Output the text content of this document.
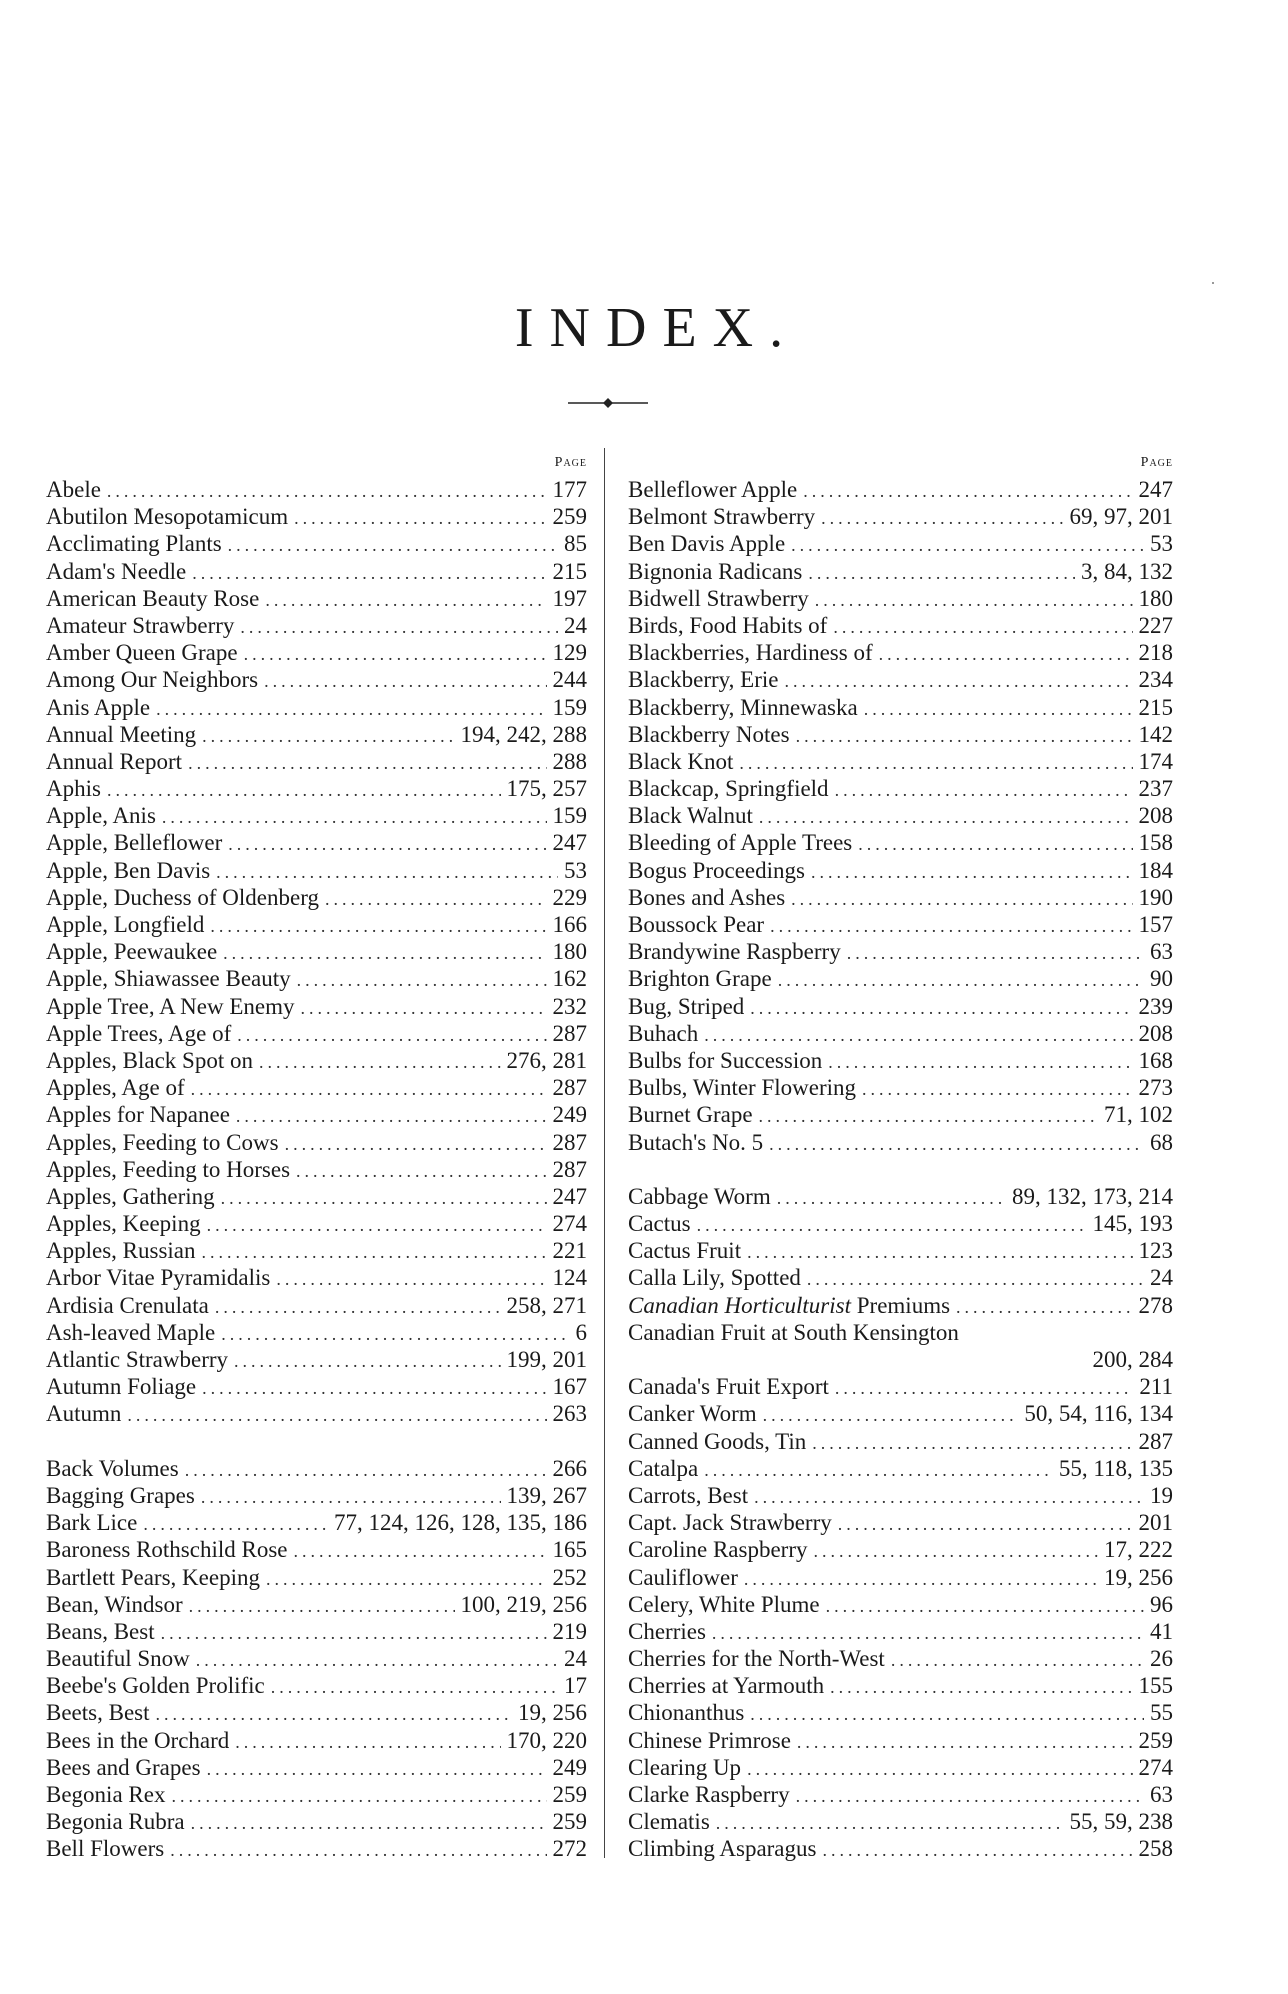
INDEX.
Page
Abele .....	177
Abutilon Mesopotamicum .....	259
Acclimating Plants .....	85
Adam's Needle .....	215
American Beauty Rose .....	197
Amateur Strawberry .....	24
Amber Queen Grape .....	129
Among Our Neighbors .....	244
Anis Apple .....	159
Annual Meeting .....	194, 242, 288
Annual Report .....	288
Aphis .....	175, 257
Apple, Anis .....	159
Apple, Belleflower .....	247
Apple, Ben Davis .....	53
Apple, Duchess of Oldenberg .....	229
Apple, Longfield .....	166
Apple, Peewaukee .....	180
Apple, Shiawassee Beauty .....	162
Apple Tree, A New Enemy .....	232
Apple Trees, Age of .....	287
Apples, Black Spot on .....	276, 281
Apples, Age of .....	287
Apples for Napanee .....	249
Apples, Feeding to Cows .....	287
Apples, Feeding to Horses .....	287
Apples, Gathering .....	247
Apples, Keeping .....	274
Apples, Russian .....	221
Arbor Vitae Pyramidalis .....	124
Ardisia Crenulata .....	258, 271
Ash-leaved Maple .....	6
Atlantic Strawberry .....	199, 201
Autumn Foliage .....	167
Autumn .....	263
Back Volumes .....	266
Bagging Grapes .....	139, 267
Bark Lice .....	77, 124, 126, 128, 135, 186
Baroness Rothschild Rose .....	165
Bartlett Pears, Keeping .....	252
Bean, Windsor .....	100, 219, 256
Beans, Best .....	219
Beautiful Snow .....	24
Beebe's Golden Prolific .....	17
Beets, Best .....	19, 256
Bees in the Orchard .....	170, 220
Bees and Grapes .....	249
Begonia Rex .....	259
Begonia Rubra .....	259
Bell Flowers .....	272
Page
Belleflower Apple .....	247
Belmont Strawberry .....	69, 97, 201
Ben Davis Apple .....	53
Bignonia Radicans .....	3, 84, 132
Bidwell Strawberry .....	180
Birds, Food Habits of .....	227
Blackberries, Hardiness of .....	218
Blackberry, Erie .....	234
Blackberry, Minnewaska .....	215
Blackberry Notes .....	142
Black Knot .....	174
Blackcap, Springfield .....	237
Black Walnut .....	208
Bleeding of Apple Trees .....	158
Bogus Proceedings .....	184
Bones and Ashes .....	190
Boussock Pear .....	157
Brandywine Raspberry .....	63
Brighton Grape .....	90
Bug, Striped .....	239
Buhach .....	208
Bulbs for Succession .....	168
Bulbs, Winter Flowering .....	273
Burnet Grape .....	71, 102
Butach's No. 5 .....	68
Cabbage Worm .....	89, 132, 173, 214
Cactus .....	145, 193
Cactus Fruit .....	123
Calla Lily, Spotted .....	24
Canadian Horticulturist Premiums .....	278
Canadian Fruit at South Kensington
200, 284
Canada's Fruit Export .....	211
Canker Worm .....	50, 54, 116, 134
Canned Goods, Tin .....	287
Catalpa .....	55, 118, 135
Carrots, Best .....	19
Capt. Jack Strawberry .....	201
Caroline Raspberry .....	17, 222
Cauliflower .....	19, 256
Celery, White Plume .....	96
Cherries .....	41
Cherries for the North-West .....	26
Cherries at Yarmouth .....	155
Chionanthus .....	55
Chinese Primrose .....	259
Clearing Up .....	274
Clarke Raspberry .....	63
Clematis .....	55, 59, 238
Climbing Asparagus .....	258
